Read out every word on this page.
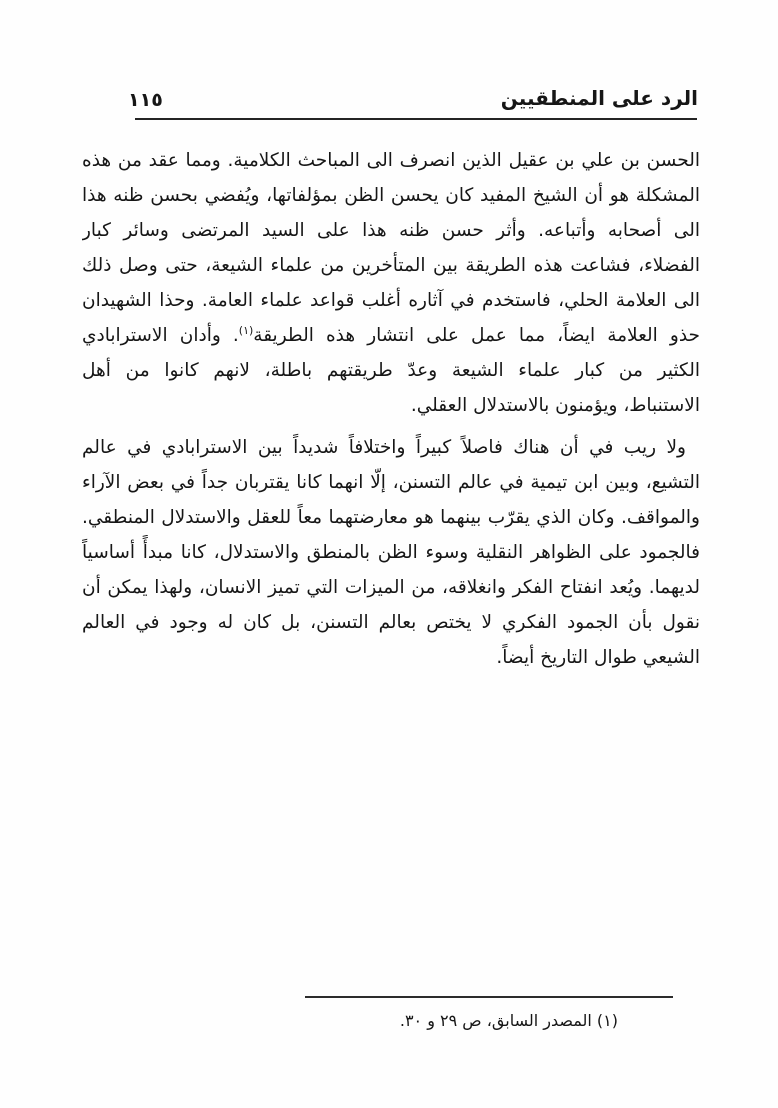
الرد على المنطقيين
١١٥
الحسن بن علي بن عقيل الذين انصرف الى المباحث الكلامية. ومما عقد من هذه
المشكلة هو أن الشيخ المفيد كان يحسن الظن بمؤلفاتها، ويُفضي بحسن ظنه هذا
الى أصحابه وأتباعه. وأثر حسن ظنه هذا على السيد المرتضى وسائر كبار
الفضلاء، فشاعت هذه الطريقة بين المتأخرين من علماء الشيعة، حتى وصل ذلك
الى العلامة الحلي، فاستخدم في آثاره أغلب قواعد علماء العامة. وحذا الشهيدان
حذو العلامة ايضاً، مما عمل على انتشار هذه الطريقة$^{(١)}$. وأدان الاسترابادي
الكثير من كبار علماء الشيعة وعدّ طريقتهم باطلة، لانهم كانوا من أهل
الاستنباط، ويؤمنون بالاستدلال العقلي.
ولا ريب في أن هناك فاصلاً كبيراً واختلافاً شديداً بين الاسترابادي في عالم
التشيع، وبين ابن تيمية في عالم التسنن، إلّا انهما كانا يقتربان جداً في بعض الآراء
والمواقف. وكان الذي يقرّب بينهما هو معارضتهما معاً للعقل والاستدلال المنطقي.
فالجمود على الظواهر النقلية وسوء الظن بالمنطق والاستدلال، كانا مبدأً أساسياً
لديهما. ويُعد انفتاح الفكر وانغلاقه، من الميزات التي تميز الانسان، ولهذا يمكن أن
نقول بأن الجمود الفكري لا يختص بعالم التسنن، بل كان له وجود في العالم
الشيعي طوال التاريخ أيضاً.
(١) المصدر السابق، ص ٢٩ و ٣٠.
